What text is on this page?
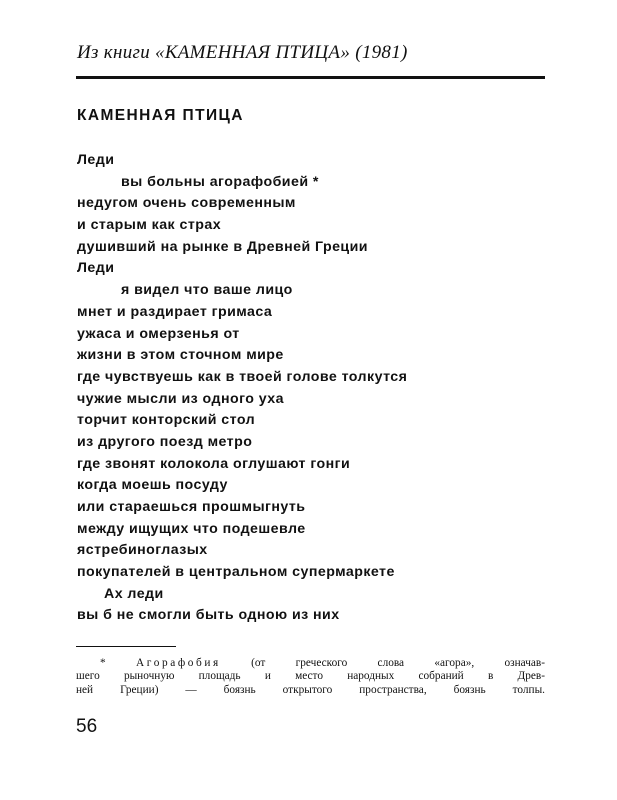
Из книги «КАМЕННАЯ ПТИЦА» (1981)
КАМЕННАЯ ПТИЦА
Леди
вы больны агорафобией *
недугом очень современным
и старым как страх
душивший на рынке в Древней Греции
Леди
я видел что ваше лицо
мнет и раздирает гримаса
ужаса и омерзенья от
жизни в этом сточном мире
где чувствуешь как в твоей голове толкутся
чужие мысли из одного уха
торчит конторский стол
из другого поезд метро
где звонят колокола оглушают гонги
когда моешь посуду
или стараешься прошмыгнуть
между ищущих что подешевле
ястребиноглазых
покупателей в центральном супермаркете
Ах леди
вы б не смогли быть одною из них
*	Агорафобия	(от греческого слова «агора», означав-
шего рыночную площадь и место народных собраний в Древ-
ней Греции) — боязнь открытого пространства, боязнь толпы.
56
